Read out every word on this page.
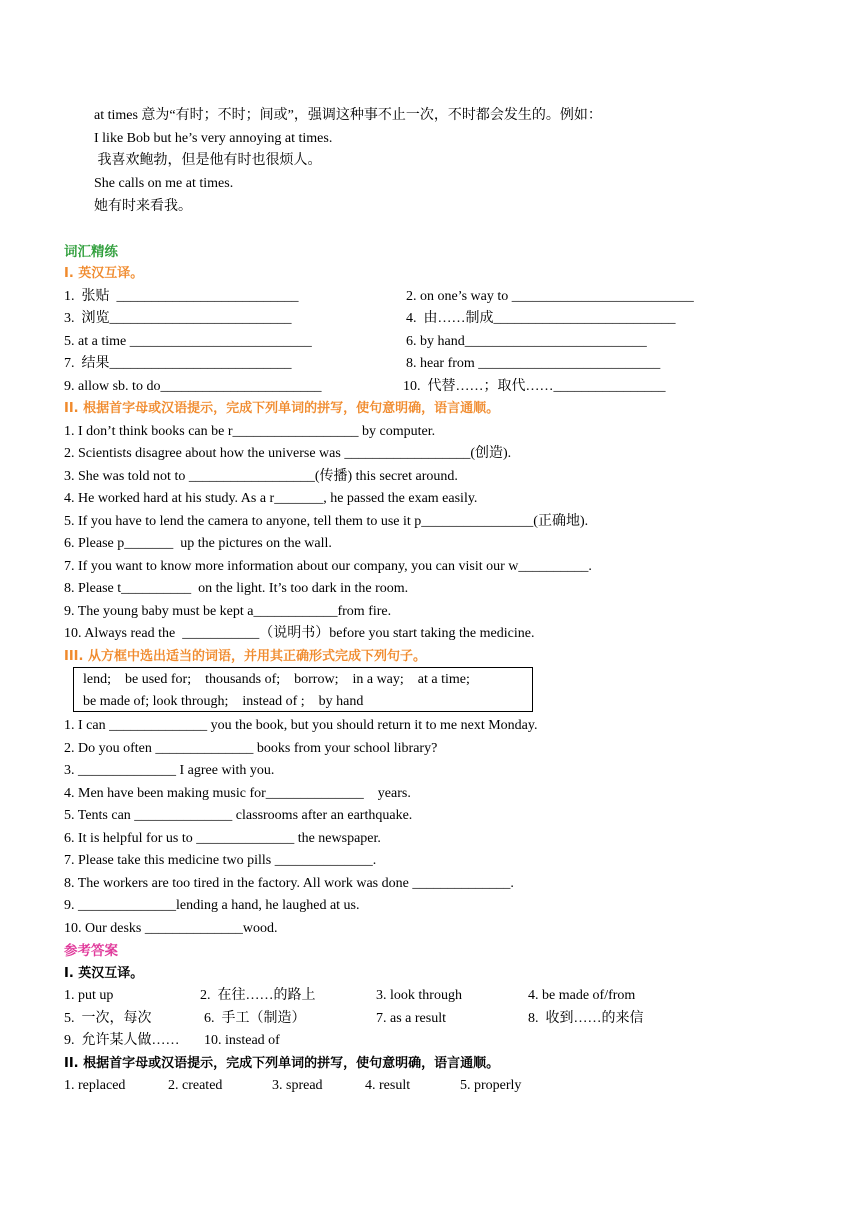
at times 意为“有时；不时；间或”，强调这种事不止一次，不时都会发生的。例如：
I like Bob but he’s very annoying at times.
我喜欢鲍勃，但是他有时也很烦人。
She calls on me at times.
她有时来看我。
词汇精练
I. 英汉互译。
1.  张贴  __________________________	2. on one’s way to __________________________
3.  浏览__________________________	4.  由……制成__________________________
5. at a time __________________________	6. by hand__________________________
7.  结果__________________________	8. hear from __________________________
9. allow sb. to do_______________________	10.  代替……；取代……________________
II. 根据首字母或汉语提示，完成下列单词的拼写，使句意明确，语言通顺。
1. I don’t think books can be r__________________ by computer.
2. Scientists disagree about how the universe was __________________(创造).
3. She was told not to __________________(传播) this secret around.
4. He worked hard at his study. As a r_______, he passed the exam easily.
5. If you have to lend the camera to anyone, tell them to use it p________________(正确地).
6. Please p_______  up the pictures on the wall.
7. If you want to know more information about our company, you can visit our w__________.
8. Please t__________  on the light. It’s too dark in the room.
9. The young baby must be kept a____________from fire.
10. Always read the  ___________（说明书）before you start taking the medicine.
III. 从方框中选出适当的词语，并用其正确形式完成下列句子。
lend;    be used for;    thousands of;    borrow;    in a way;    at a time;
be made of; look through;    instead of ;    by hand
1. I can ______________ you the book, but you should return it to me next Monday.
2. Do you often ______________ books from your school library?
3. ______________ I agree with you.
4. Men have been making music for______________    years.
5. Tents can ______________ classrooms after an earthquake.
6. It is helpful for us to ______________ the newspaper.
7. Please take this medicine two pills ______________.
8. The workers are too tired in the factory. All work was done ______________.
9. ______________lending a hand, he laughed at us.
10. Our desks ______________wood.
参考答案
I. 英汉互译。
1. put up	2.  在往……的路上	3. look through	4. be made of/from
5.  一次，每次	6.  手工（制造）	7. as a result	8.  收到……的来信
9.  允许某人做…… 10. instead of
II. 根据首字母或汉语提示，完成下列单词的拼写，使句意明确，语言通顺。
1. replaced	2. created	3. spread	4. result	5. properly
